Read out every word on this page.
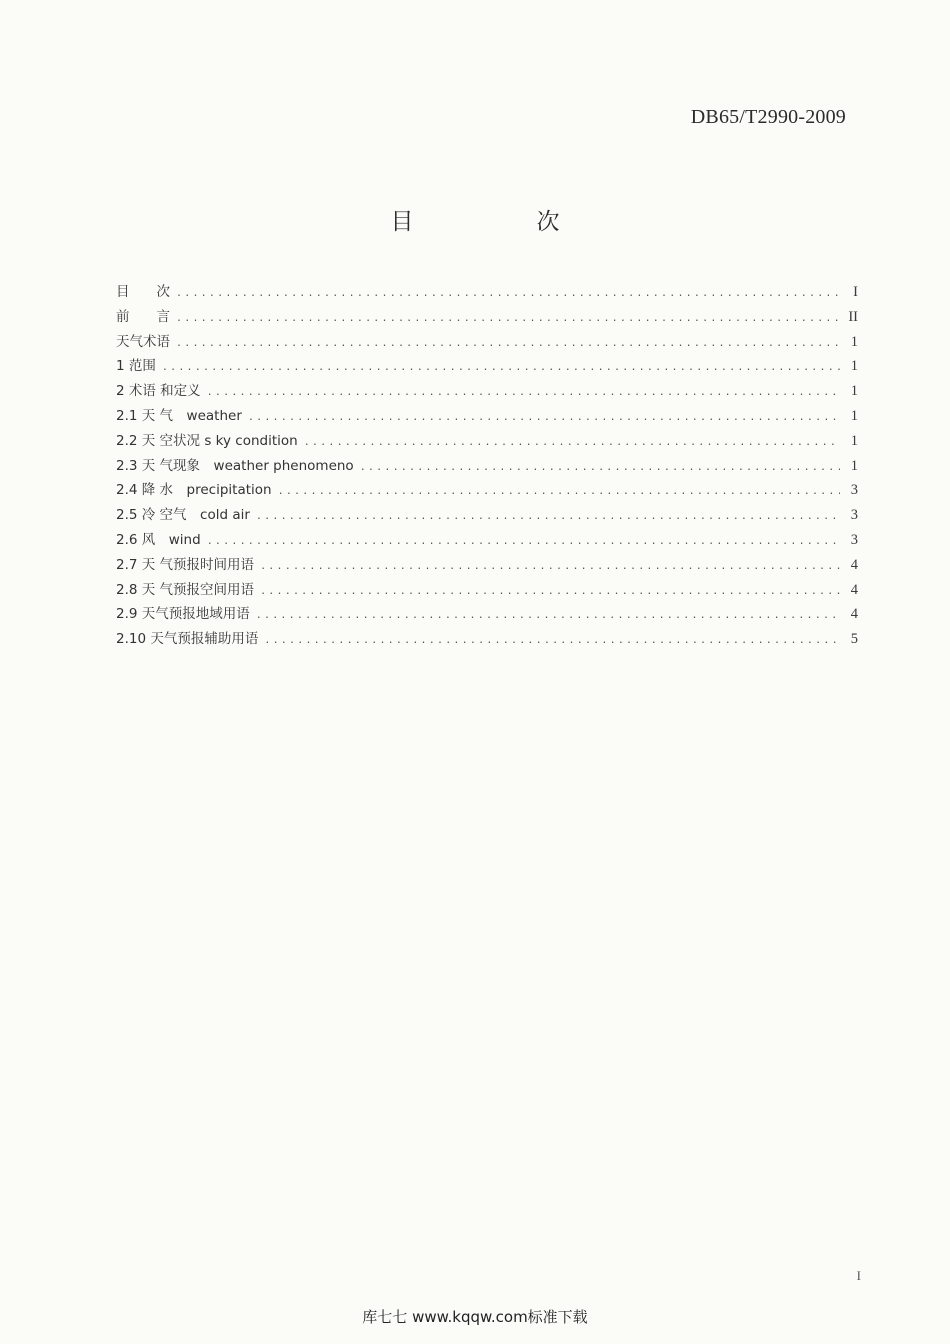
DB65/T2990-2009
目　次
目　　次 .....	I
前　　言 .....	II
天气术语 .....	1
1 范围 .....	1
2 术语 和定义 .....	1
2.1 天 气　weather .....	1
2.2 天 空状况 s ky condition .....	1
2.3 天 气现象　weather phenomeno .....	1
2.4 降 水　precipitation .....	3
2.5 冷 空气　cold air .....	3
2.6 风　wind .....	3
2.7 天 气预报时间用语 .....	4
2.8 天 气预报空间用语 .....	4
2.9 天气预报地域用语 .....	4
2.10 天气预报辅助用语 .....	5
I
库七七 www.kqqw.com标准下载
